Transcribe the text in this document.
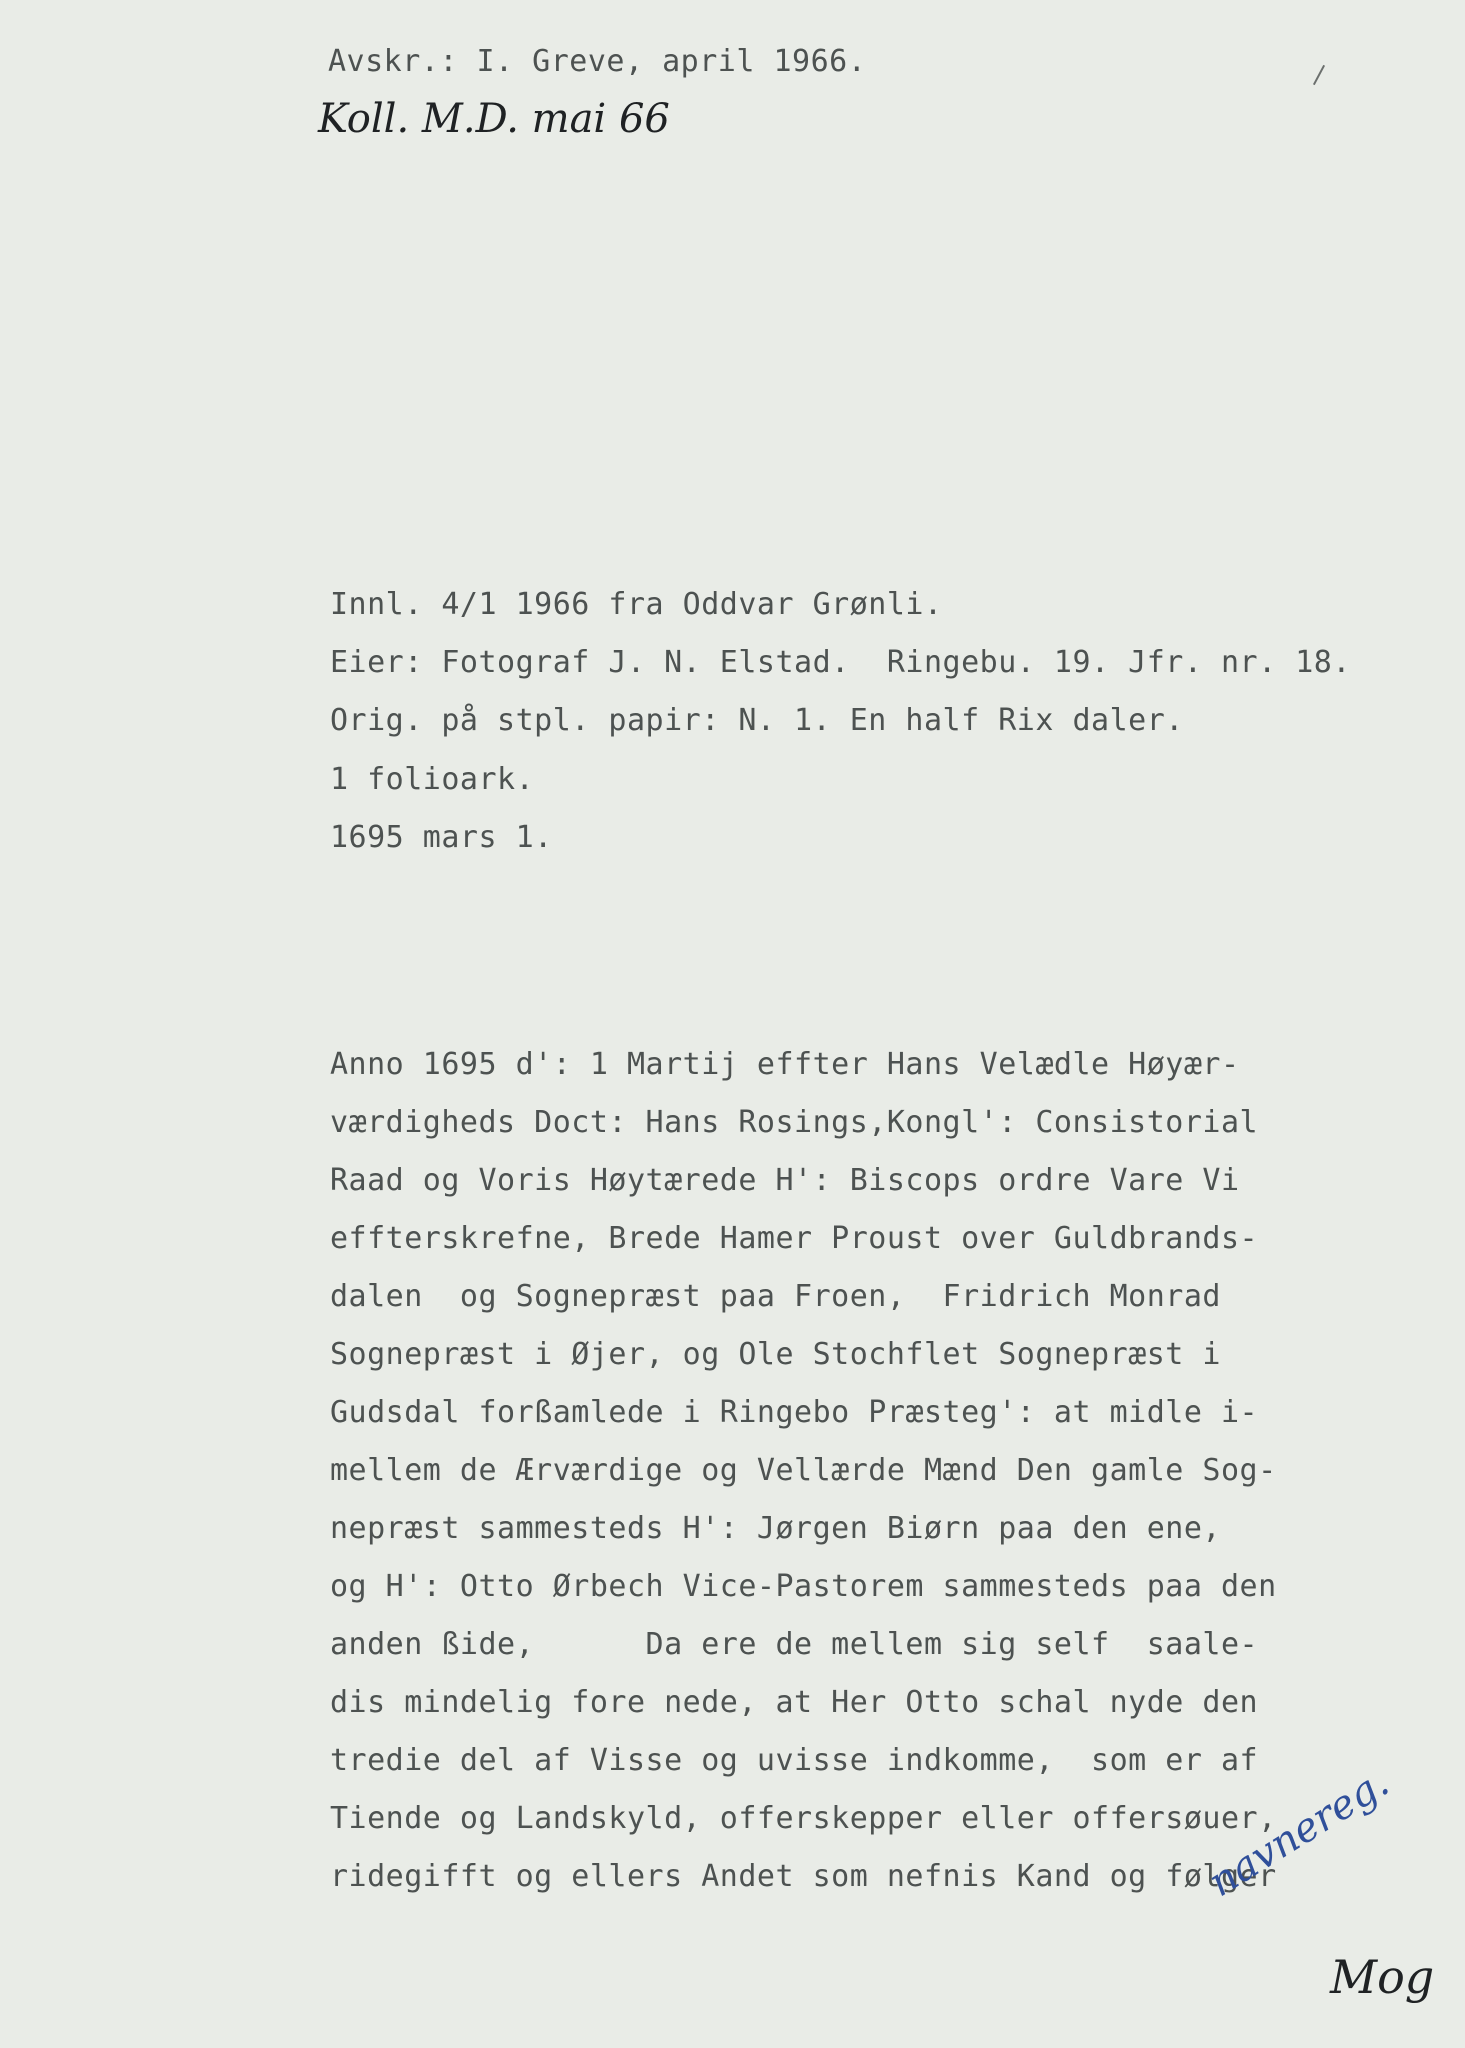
Avskr.: I. Greve, april 1966.

Koll. M.D. mai 66

Innl. 4/1 1966 fra Oddvar Grønli.

Eier: Fotograf J. N. Elstad.  Ringebu. 19. Jfr. nr. 18.

Orig. på stpl. papir: N. 1. En half Rix daler.

1 folioark.

1695 mars 1.

Anno 1695 d': 1 Martij effter Hans Velædle Høyær-

værdigheds Doct: Hans Rosings,Kongl': Consistorial

Raad og Voris Høytærede H': Biscops ordre Vare Vi

effterskrefne, Brede Hamer Proust over Guldbrands-

dalen  og Sognepræst paa Froen,  Fridrich Monrad

Sognepræst i Øjer, og Ole Stochflet Sognepræst i

Gudsdal forßamlede i Ringebo Præsteg': at midle i-

mellem de Ærværdige og Vellærde Mænd Den gamle Sog-

nepræst sammesteds H': Jørgen Biørn paa den ene,

og H': Otto Ørbech Vice-Pastorem sammesteds paa den

anden ßide,      Da ere de mellem sig self  saale-

dis mindelig fore nede, at Her Otto schal nyde den

tredie del af Visse og uvisse indkomme,  som er af

Tiende og Landskyld, offerskepper eller offersøuer,

ridegifft og ellers Andet som nefnis Kand og følger

navnereg.

Mog
